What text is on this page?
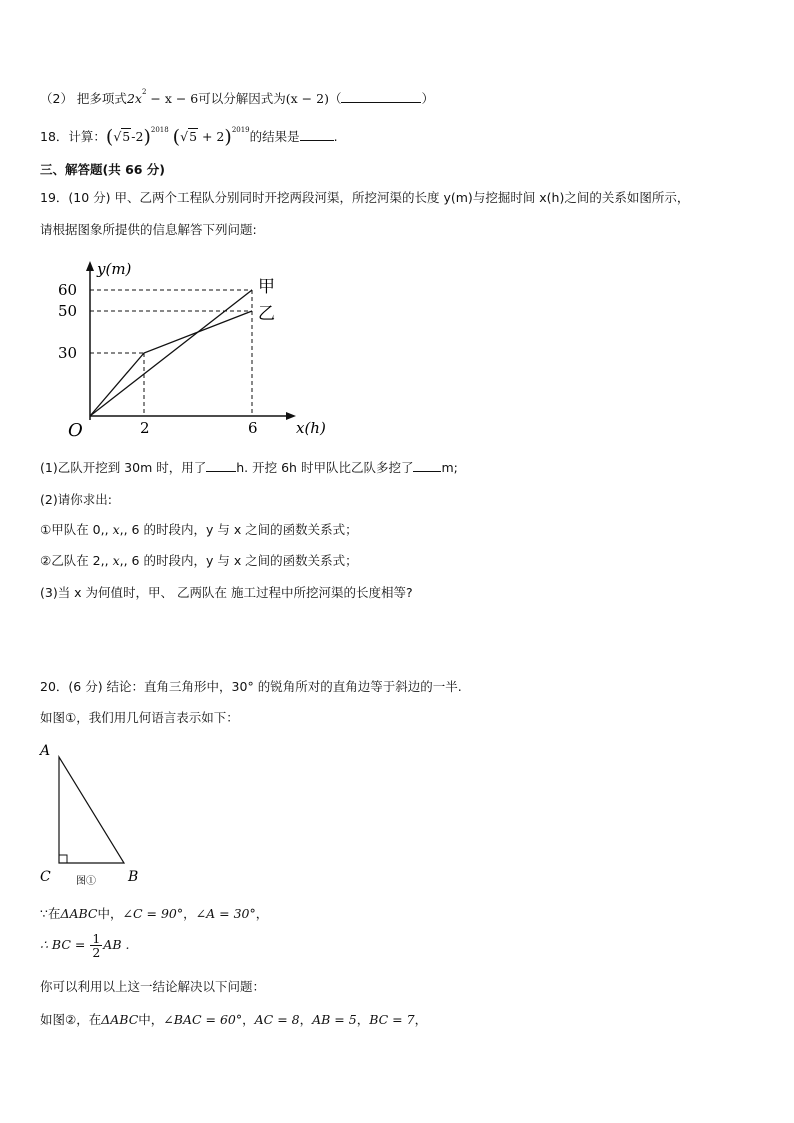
（2） 把多项式$2x^2 - x - 6$可以分解因式为(x − 2)（	）
18．计算：$(√5-2)^{2018}$ $(√5 + 2)^{2019}$的结果是	.
三、解答题(共 66 分)
19．(10 分) 甲、乙两个工程队分别同时开挖两段河渠，所挖河渠的长度 y(m)与挖掘时间 x(h)之间的关系如图所示，
请根据图象所提供的信息解答下列问题:
甲
乙
2	6
30
50
60
O	x(h)
y(m)
(1)乙队开挖到 30m 时，用了 h. 开挖 6h 时甲队比乙队多挖了 m;
(2)请你求出:
①甲队在 0,, x,, 6 的时段内，y 与 x 之间的函数关系式；
②乙队在 2,, x,, 6 的时段内，y 与 x 之间的函数关系式；
(3)当 x 为何值时，甲、 乙两队在 施工过程中所挖河渠的长度相等?
20．(6 分) 结论：直角三角形中，30° 的锐角所对的直角边等于斜边的一半.
如图①，我们用几何语言表示如下：
A
C	B
图①
∵在ΔABC中，∠C = 90°，∠A = 30°，
∴ BC = $\frac{1}{2}$ AB .
你可以利用以上这一结论解决以下问题：
如图②，在ΔABC中，∠BAC = 60°，AC = 8，AB = 5，BC = 7，
